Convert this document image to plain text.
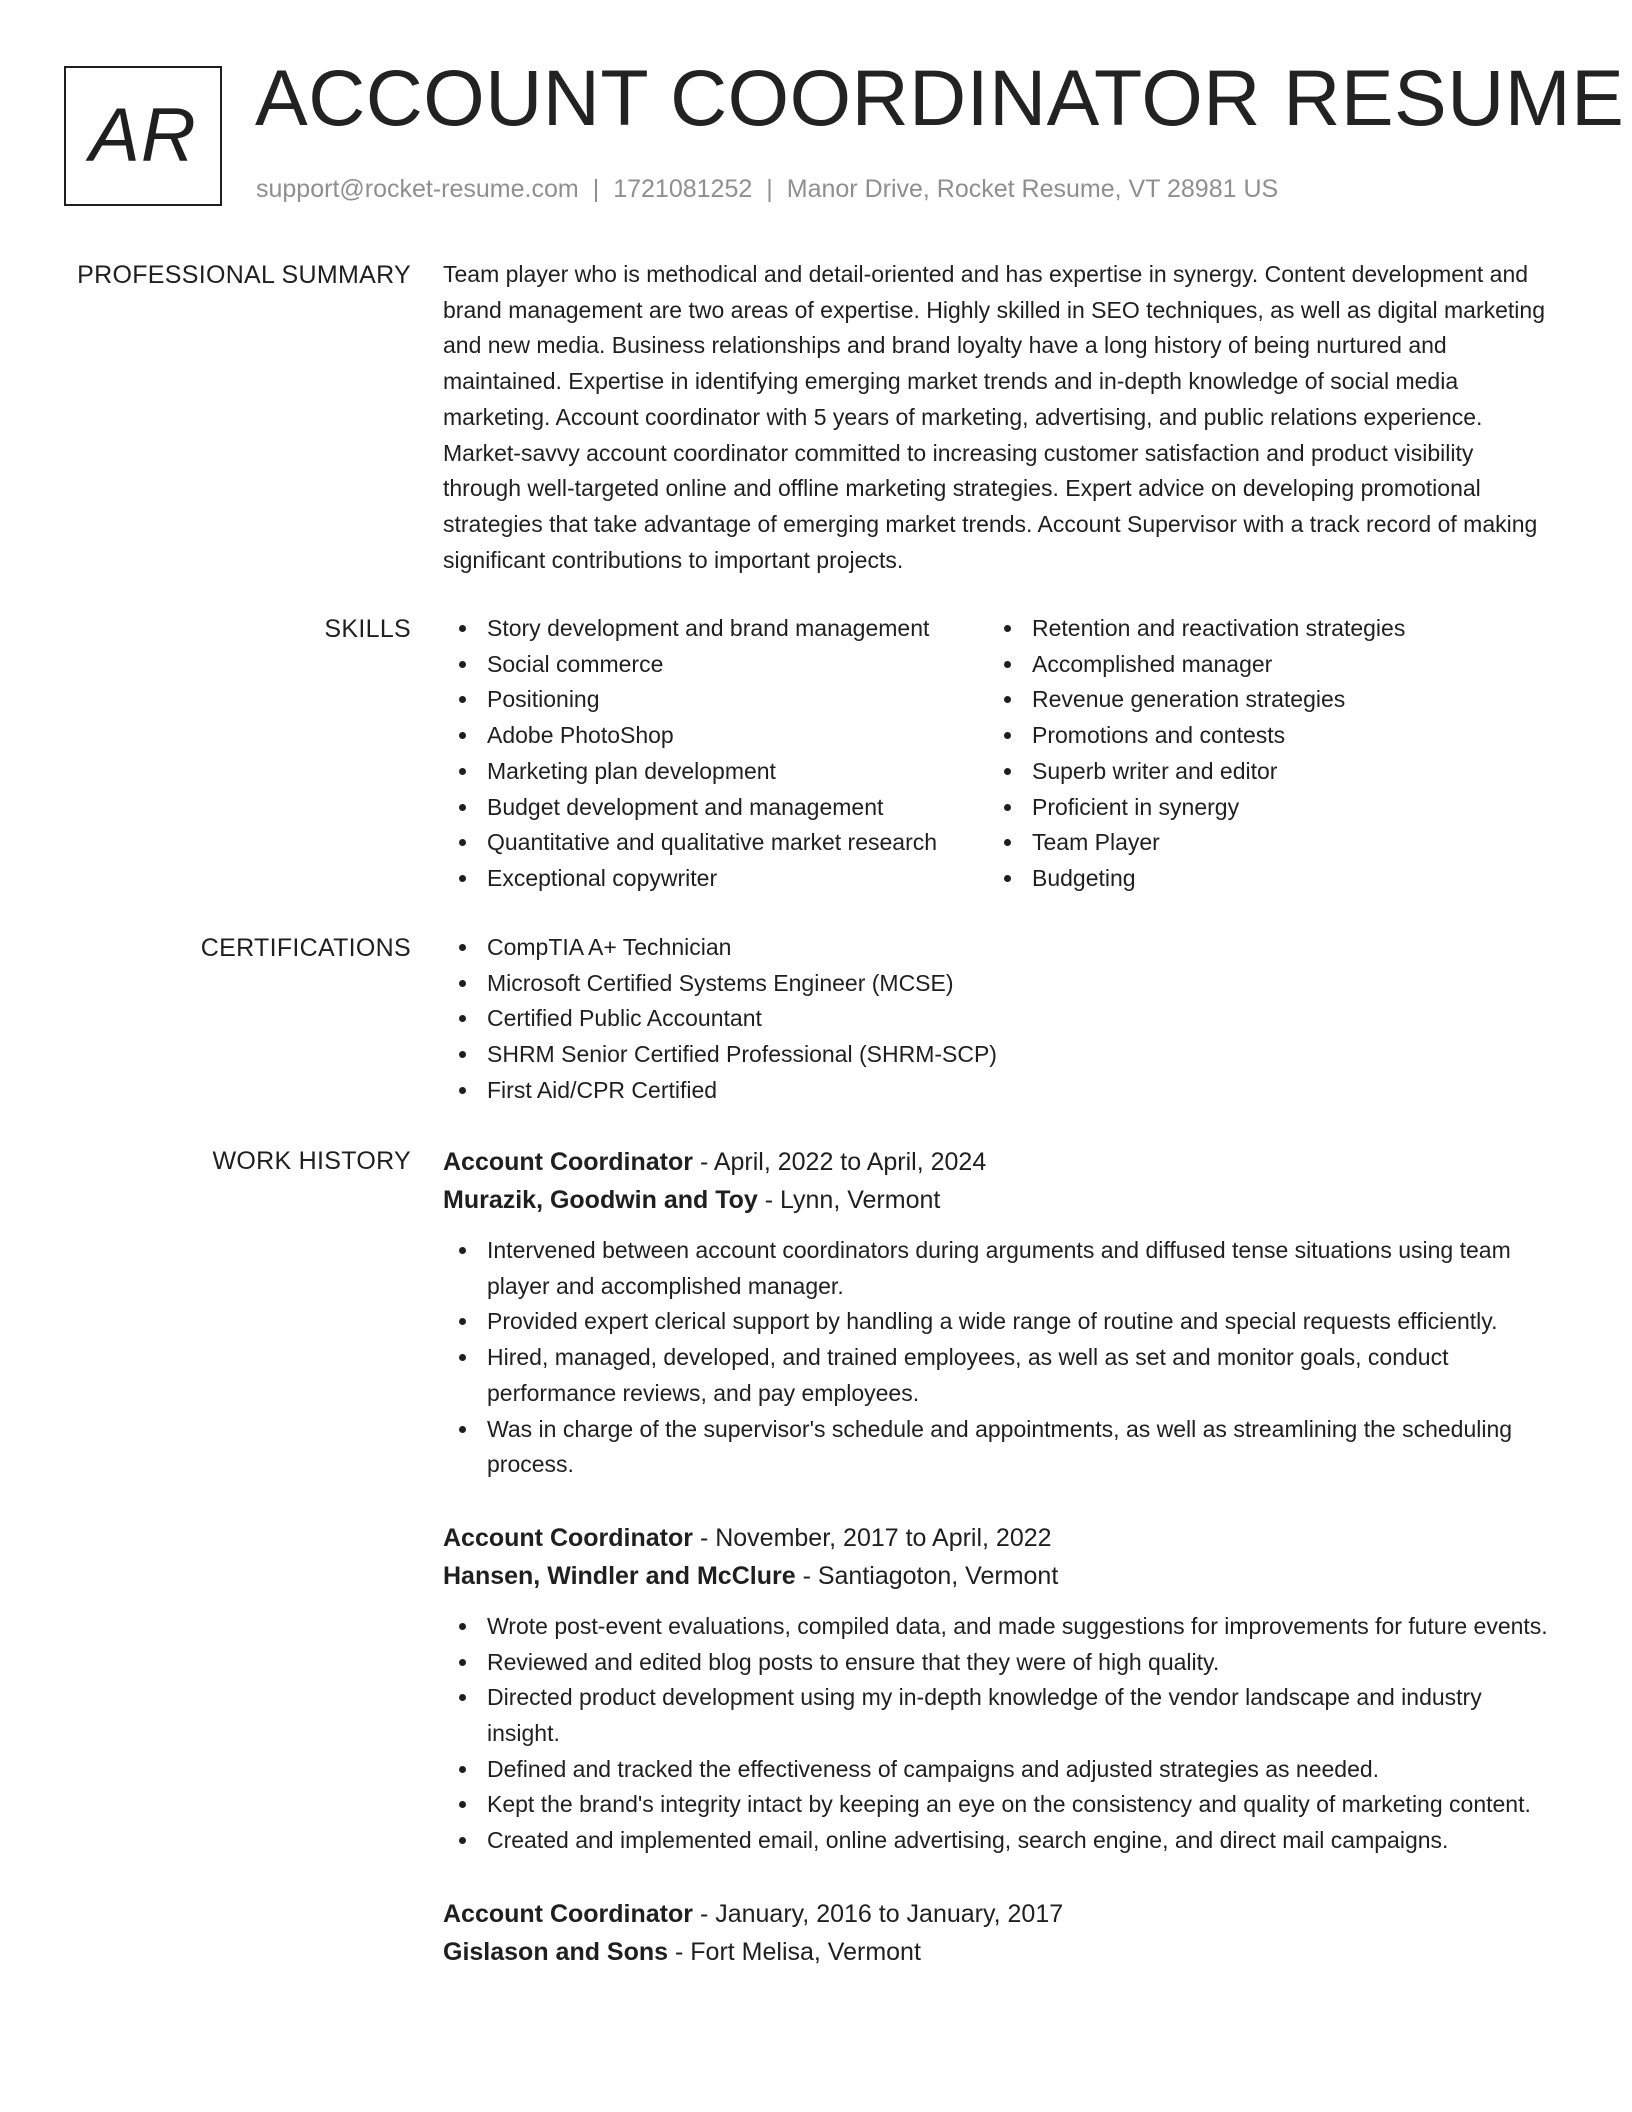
AR ACCOUNT COORDINATOR RESUME
support@rocket-resume.com | 1721081252 | Manor Drive, Rocket Resume, VT 28981 US
PROFESSIONAL SUMMARY Team player who is methodical and detail-oriented and has expertise in synergy. Content development and brand management are two areas of expertise. Highly skilled in SEO techniques, as well as digital marketing and new media. Business relationships and brand loyalty have a long history of being nurtured and maintained. Expertise in identifying emerging market trends and in-depth knowledge of social media marketing. Account coordinator with 5 years of marketing, advertising, and public relations experience. Market-savvy account coordinator committed to increasing customer satisfaction and product visibility through well-targeted online and offline marketing strategies. Expert advice on developing promotional strategies that take advantage of emerging market trends. Account Supervisor with a track record of making significant contributions to important projects.
SKILLS	Story development and brand management
Social commerce
Positioning
Adobe PhotoShop
Marketing plan development
Budget development and management
Quantitative and qualitative market research
Exceptional copywriter
Retention and reactivation strategies
Accomplished manager
Revenue generation strategies
Promotions and contests
Superb writer and editor
Proficient in synergy
Team Player
Budgeting
CERTIFICATIONS	CompTIA A+ Technician
Microsoft Certified Systems Engineer (MCSE)
Certified Public Accountant
SHRM Senior Certified Professional (SHRM-SCP)
First Aid/CPR Certified
WORK HISTORY Account Coordinator - April, 2022 to April, 2024
Murazik, Goodwin and Toy - Lynn, Vermont
Intervened between account coordinators during arguments and diffused tense situations using team player and accomplished manager.
Provided expert clerical support by handling a wide range of routine and special requests efficiently.
Hired, managed, developed, and trained employees, as well as set and monitor goals, conduct performance reviews, and pay employees.
Was in charge of the supervisor's schedule and appointments, as well as streamlining the scheduling process.
Account Coordinator - November, 2017 to April, 2022
Hansen, Windler and McClure - Santiagoton, Vermont
Wrote post-event evaluations, compiled data, and made suggestions for improvements for future events.
Reviewed and edited blog posts to ensure that they were of high quality.
Directed product development using my in-depth knowledge of the vendor landscape and industry insight.
Defined and tracked the effectiveness of campaigns and adjusted strategies as needed.
Kept the brand's integrity intact by keeping an eye on the consistency and quality of marketing content.
Created and implemented email, online advertising, search engine, and direct mail campaigns.
Account Coordinator - January, 2016 to January, 2017
Gislason and Sons - Fort Melisa, Vermont
